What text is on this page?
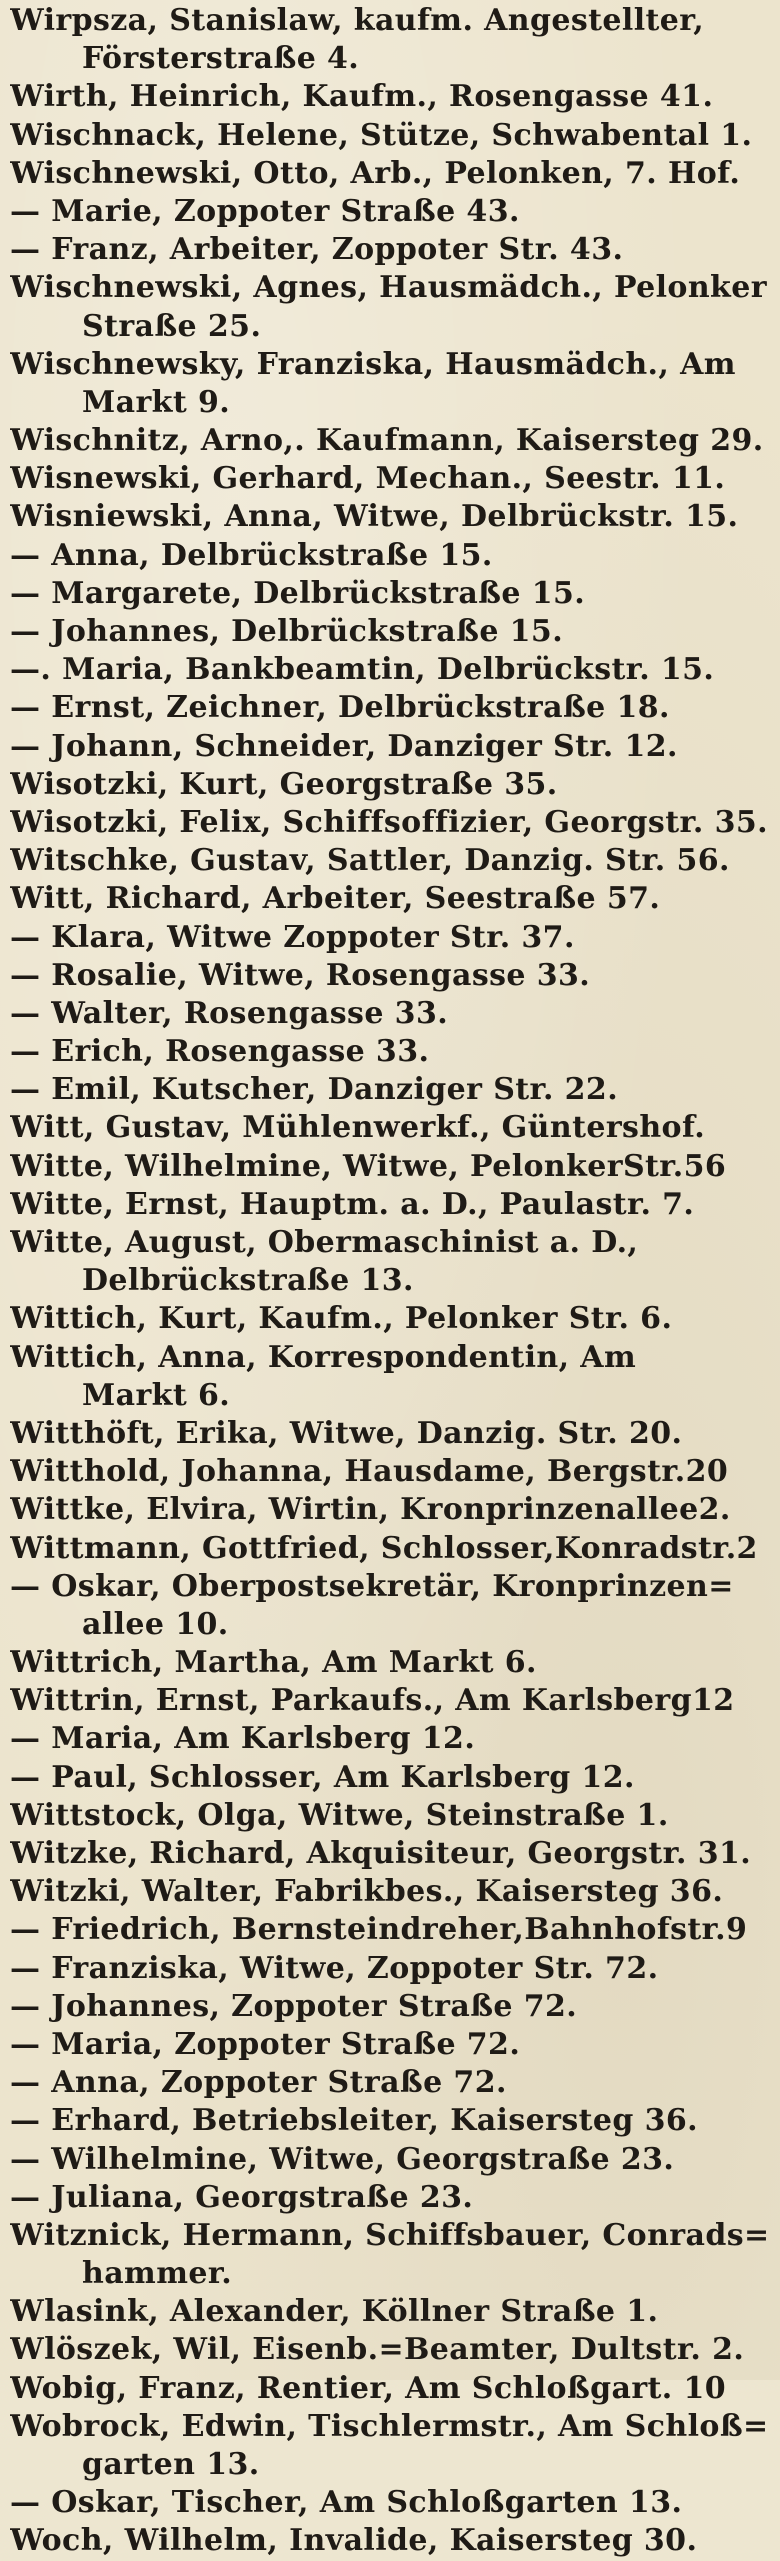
Wirpsza, Stanislaw, kaufm. Angestellter,
Försterstraße 4.

Wirth, Heinrich, Kaufm., Rosengasse 41.

Wischnack, Helene, Stütze, Schwabental 1.

Wischnewski, Otto, Arb., Pelonken, 7. Hof.

— Marie, Zoppoter Straße 43.

— Franz, Arbeiter, Zoppoter Str. 43.

Wischnewski, Agnes, Hausmädch., Pelonker
Straße 25.

Wischnewsky, Franziska, Hausmädch., Am
Markt 9.

Wischnitz, Arno,. Kaufmann, Kaisersteg 29.

Wisnewski, Gerhard, Mechan., Seestr. 11.

Wisniewski, Anna, Witwe, Delbrückstr. 15.

— Anna, Delbrückstraße 15.

— Margarete, Delbrückstraße 15.

— Johannes, Delbrückstraße 15.

—. Maria, Bankbeamtin, Delbrückstr. 15.

— Ernst, Zeichner, Delbrückstraße 18.

— Johann, Schneider, Danziger Str. 12.

Wisotzki, Kurt, Georgstraße 35.

Wisotzki, Felix, Schiffsoffizier, Georgstr. 35.

Witschke, Gustav, Sattler, Danzig. Str. 56.

Witt, Richard, Arbeiter, Seestraße 57.

— Klara, Witwe Zoppoter Str. 37.

— Rosalie, Witwe, Rosengasse 33.

— Walter, Rosengasse 33.

— Erich, Rosengasse 33.

— Emil, Kutscher, Danziger Str. 22.

Witt, Gustav, Mühlenwerkf., Güntershof.

Witte, Wilhelmine, Witwe, PelonkerStr.56

Witte, Ernst, Hauptm. a. D., Paulastr. 7.

Witte, August, Obermaschinist a. D.,
Delbrückstraße 13.

Wittich, Kurt, Kaufm., Pelonker Str. 6.

Wittich, Anna, Korrespondentin, Am
Markt 6.

Witthöft, Erika, Witwe, Danzig. Str. 20.

Witthold, Johanna, Hausdame, Bergstr.20

Wittke, Elvira, Wirtin, Kronprinzenallee2.

Wittmann, Gottfried, Schlosser,Konradstr.2

— Oskar, Oberpostsekretär, Kronprinzen=
allee 10.

Wittrich, Martha, Am Markt 6.

Wittrin, Ernst, Parkaufs., Am Karlsberg12

— Maria, Am Karlsberg 12.

— Paul, Schlosser, Am Karlsberg 12.

Wittstock, Olga, Witwe, Steinstraße 1.

Witzke, Richard, Akquisiteur, Georgstr. 31.

Witzki, Walter, Fabrikbes., Kaisersteg 36.

— Friedrich, Bernsteindreher,Bahnhofstr.9

— Franziska, Witwe, Zoppoter Str. 72.

— Johannes, Zoppoter Straße 72.

— Maria, Zoppoter Straße 72.

— Anna, Zoppoter Straße 72.

— Erhard, Betriebsleiter, Kaisersteg 36.

— Wilhelmine, Witwe, Georgstraße 23.

— Juliana, Georgstraße 23.

Witznick, Hermann, Schiffsbauer, Conrads=
hammer.

Wlasink, Alexander, Köllner Straße 1.

Wlöszek, Wil, Eisenb.=Beamter, Dultstr. 2.

Wobig, Franz, Rentier, Am Schloßgart. 10

Wobrock, Edwin, Tischlermstr., Am Schloß=
garten 13.

— Oskar, Tischer, Am Schloßgarten 13.

Woch, Wilhelm, Invalide, Kaisersteg 30.
